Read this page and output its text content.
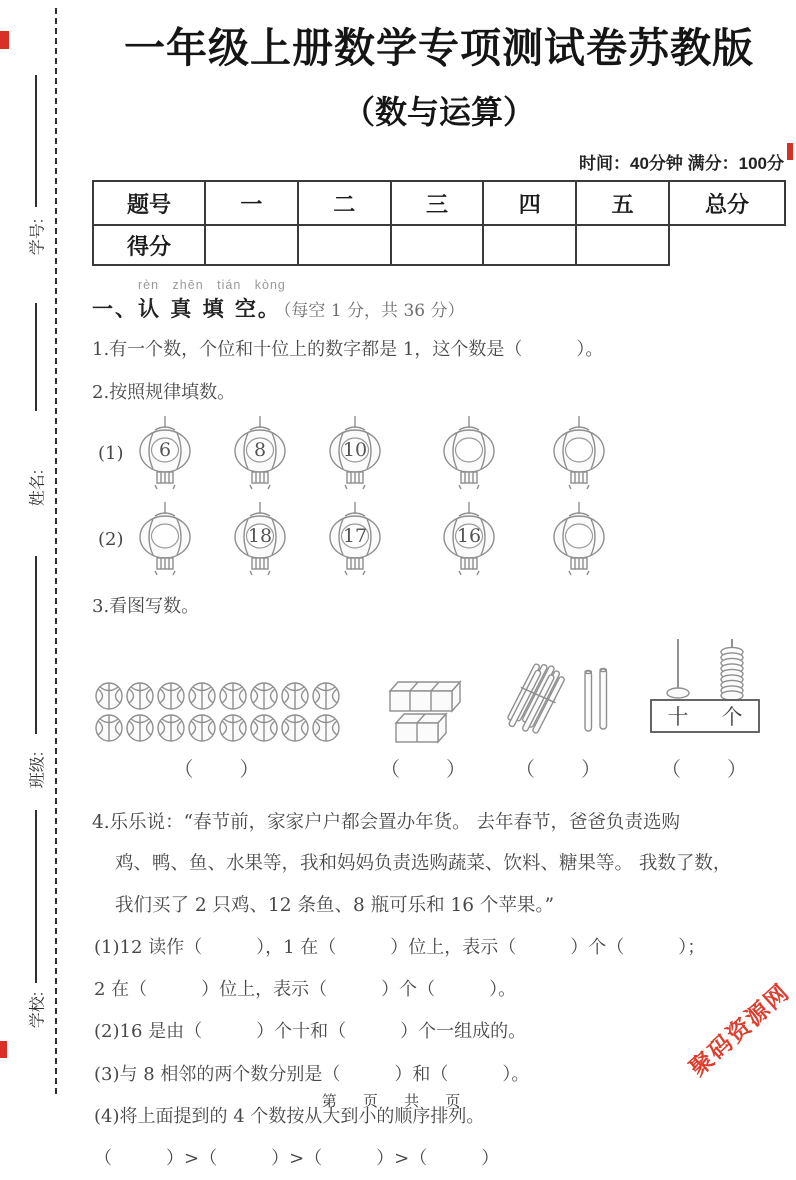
学号:
姓名:
班级:
学校:
一年级上册数学专项测试卷苏教版
（数与运算）
时间：40分钟 满分：100分
题号	一	二	三	四	五	总分
得分						
rèn zhēn tián kòng
一、认 真 填 空。 （每空 1 分，共 36 分）
1.有一个数，个位和十位上的数字都是 1，这个数是（　　　）。
2.按照规律填数。
(1)	6	8	10
(2)	18	17	16
3.看图写数。
（　　）	（　　） （　　）
十 个
（　　）
4.乐乐说：“春节前，家家户户都会置办年货。 去年春节，爸爸负责选购
鸡、鸭、鱼、水果等，我和妈妈负责选购蔬菜、饮料、糖果等。 我数了数，
我们买了 2 只鸡、12 条鱼、8 瓶可乐和 16 个苹果。”
(1)12 读作（　　　），1 在（　　　）位上，表示（　　　）个（　　　）；
2 在（　　　）位上，表示（　　　）个（　　　）。
(2)16 是由（　　　）个十和（　　　）个一组成的。
(3)与 8 相邻的两个数分别是（　　　）和（　　　）。
(4)将上面提到的 4 个数按从大到小的顺序排列。
（　　　）>（　　　）>（　　　）>（　　　）
第 页 共 页
聚码资源网
